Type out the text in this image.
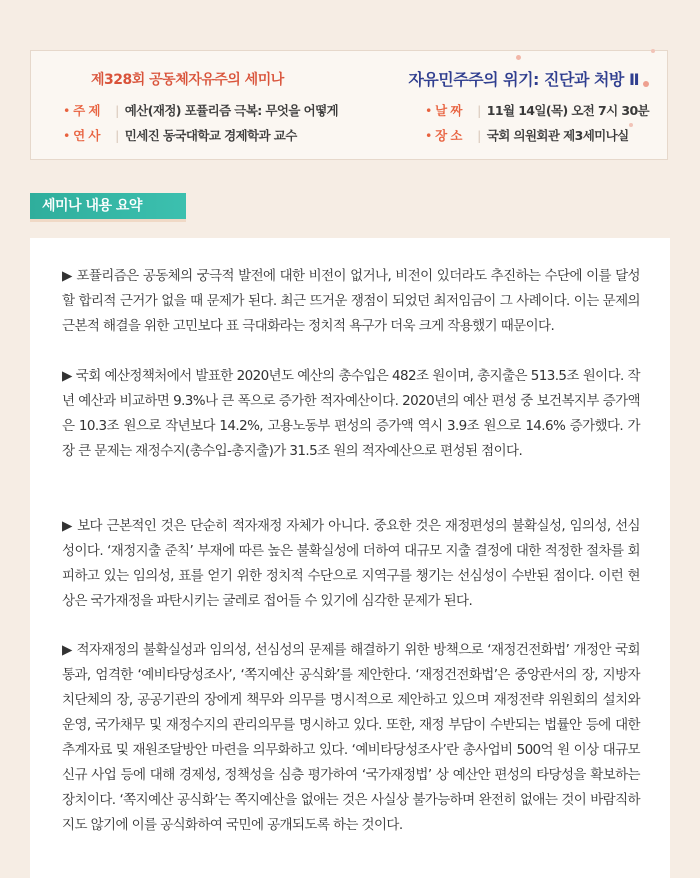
제328회 공동체자유주의 세미나	자유민주주의 위기: 진단과 처방 Ⅱ
• 주 제 | 예산(재정) 포퓰리즘 극복: 무엇을 어떻게
• 연 사 | 민세진 동국대학교 경제학과 교수
• 날 짜 | 11월 14일(목) 오전 7시 30분
• 장 소 | 국회 의원회관 제3세미나실
세미나 내용 요약

▶ 포퓰리즘은 공동체의 궁극적 발전에 대한 비전이 없거나, 비전이 있더라도 추진하는 수단에 이를 달성할 합리적 근거가 없을 때 문제가 된다. 최근 뜨거운 쟁점이 되었던 최저임금이 그 사례이다. 이는 문제의 근본적 해결을 위한 고민보다 표 극대화라는 정치적 욕구가 더욱 크게 작용했기 때문이다.

▶ 국회 예산정책처에서 발표한 2020년도 예산의 총수입은 482조 원이며, 총지출은 513.5조 원이다. 작년 예산과 비교하면 9.3%나 큰 폭으로 증가한 적자예산이다. 2020년의 예산 편성 중 보건복지부 증가액은 10.3조 원으로 작년보다 14.2%, 고용노동부 편성의 증가액 역시 3.9조 원으로 14.6% 증가했다. 가장 큰 문제는 재정수지(총수입-총지출)가 31.5조 원의 적자예산으로 편성된 점이다.

▶ 보다 근본적인 것은 단순히 적자재정 자체가 아니다. 중요한 것은 재정편성의 불확실성, 임의성, 선심성이다. ‘재정지출 준칙’ 부재에 따른 높은 불확실성에 더하여 대규모 지출 결정에 대한 적정한 절차를 회피하고 있는 임의성, 표를 얻기 위한 정치적 수단으로 지역구를 챙기는 선심성이 수반된 점이다. 이런 현상은 국가재정을 파탄시키는 굴레로 접어들 수 있기에 심각한 문제가 된다.

▶ 적자재정의 불확실성과 임의성, 선심성의 문제를 해결하기 위한 방책으로 ‘재정건전화법’ 개정안 국회통과, 엄격한 ‘예비타당성조사’, ‘쪽지예산 공식화’를 제안한다. ‘재정건전화법’은 중앙관서의 장, 지방자치단체의 장, 공공기관의 장에게 책무와 의무를 명시적으로 제안하고 있으며 재정전략 위원회의 설치와 운영, 국가채무 및 재정수지의 관리의무를 명시하고 있다. 또한, 재정 부담이 수반되는 법률안 등에 대한 추계자료 및 재원조달방안 마련을 의무화하고 있다. ‘예비타당성조사’란 총사업비 500억 원 이상 대규모 신규 사업 등에 대해 경제성, 정책성을 심층 평가하여 ‘국가재정법’ 상 예산안 편성의 타당성을 확보하는 장치이다. ‘쪽지예산 공식화’는 쪽지예산을 없애는 것은 사실상 불가능하며 완전히 없애는 것이 바람직하지도 않기에 이를 공식화하여 국민에 공개되도록 하는 것이다.
